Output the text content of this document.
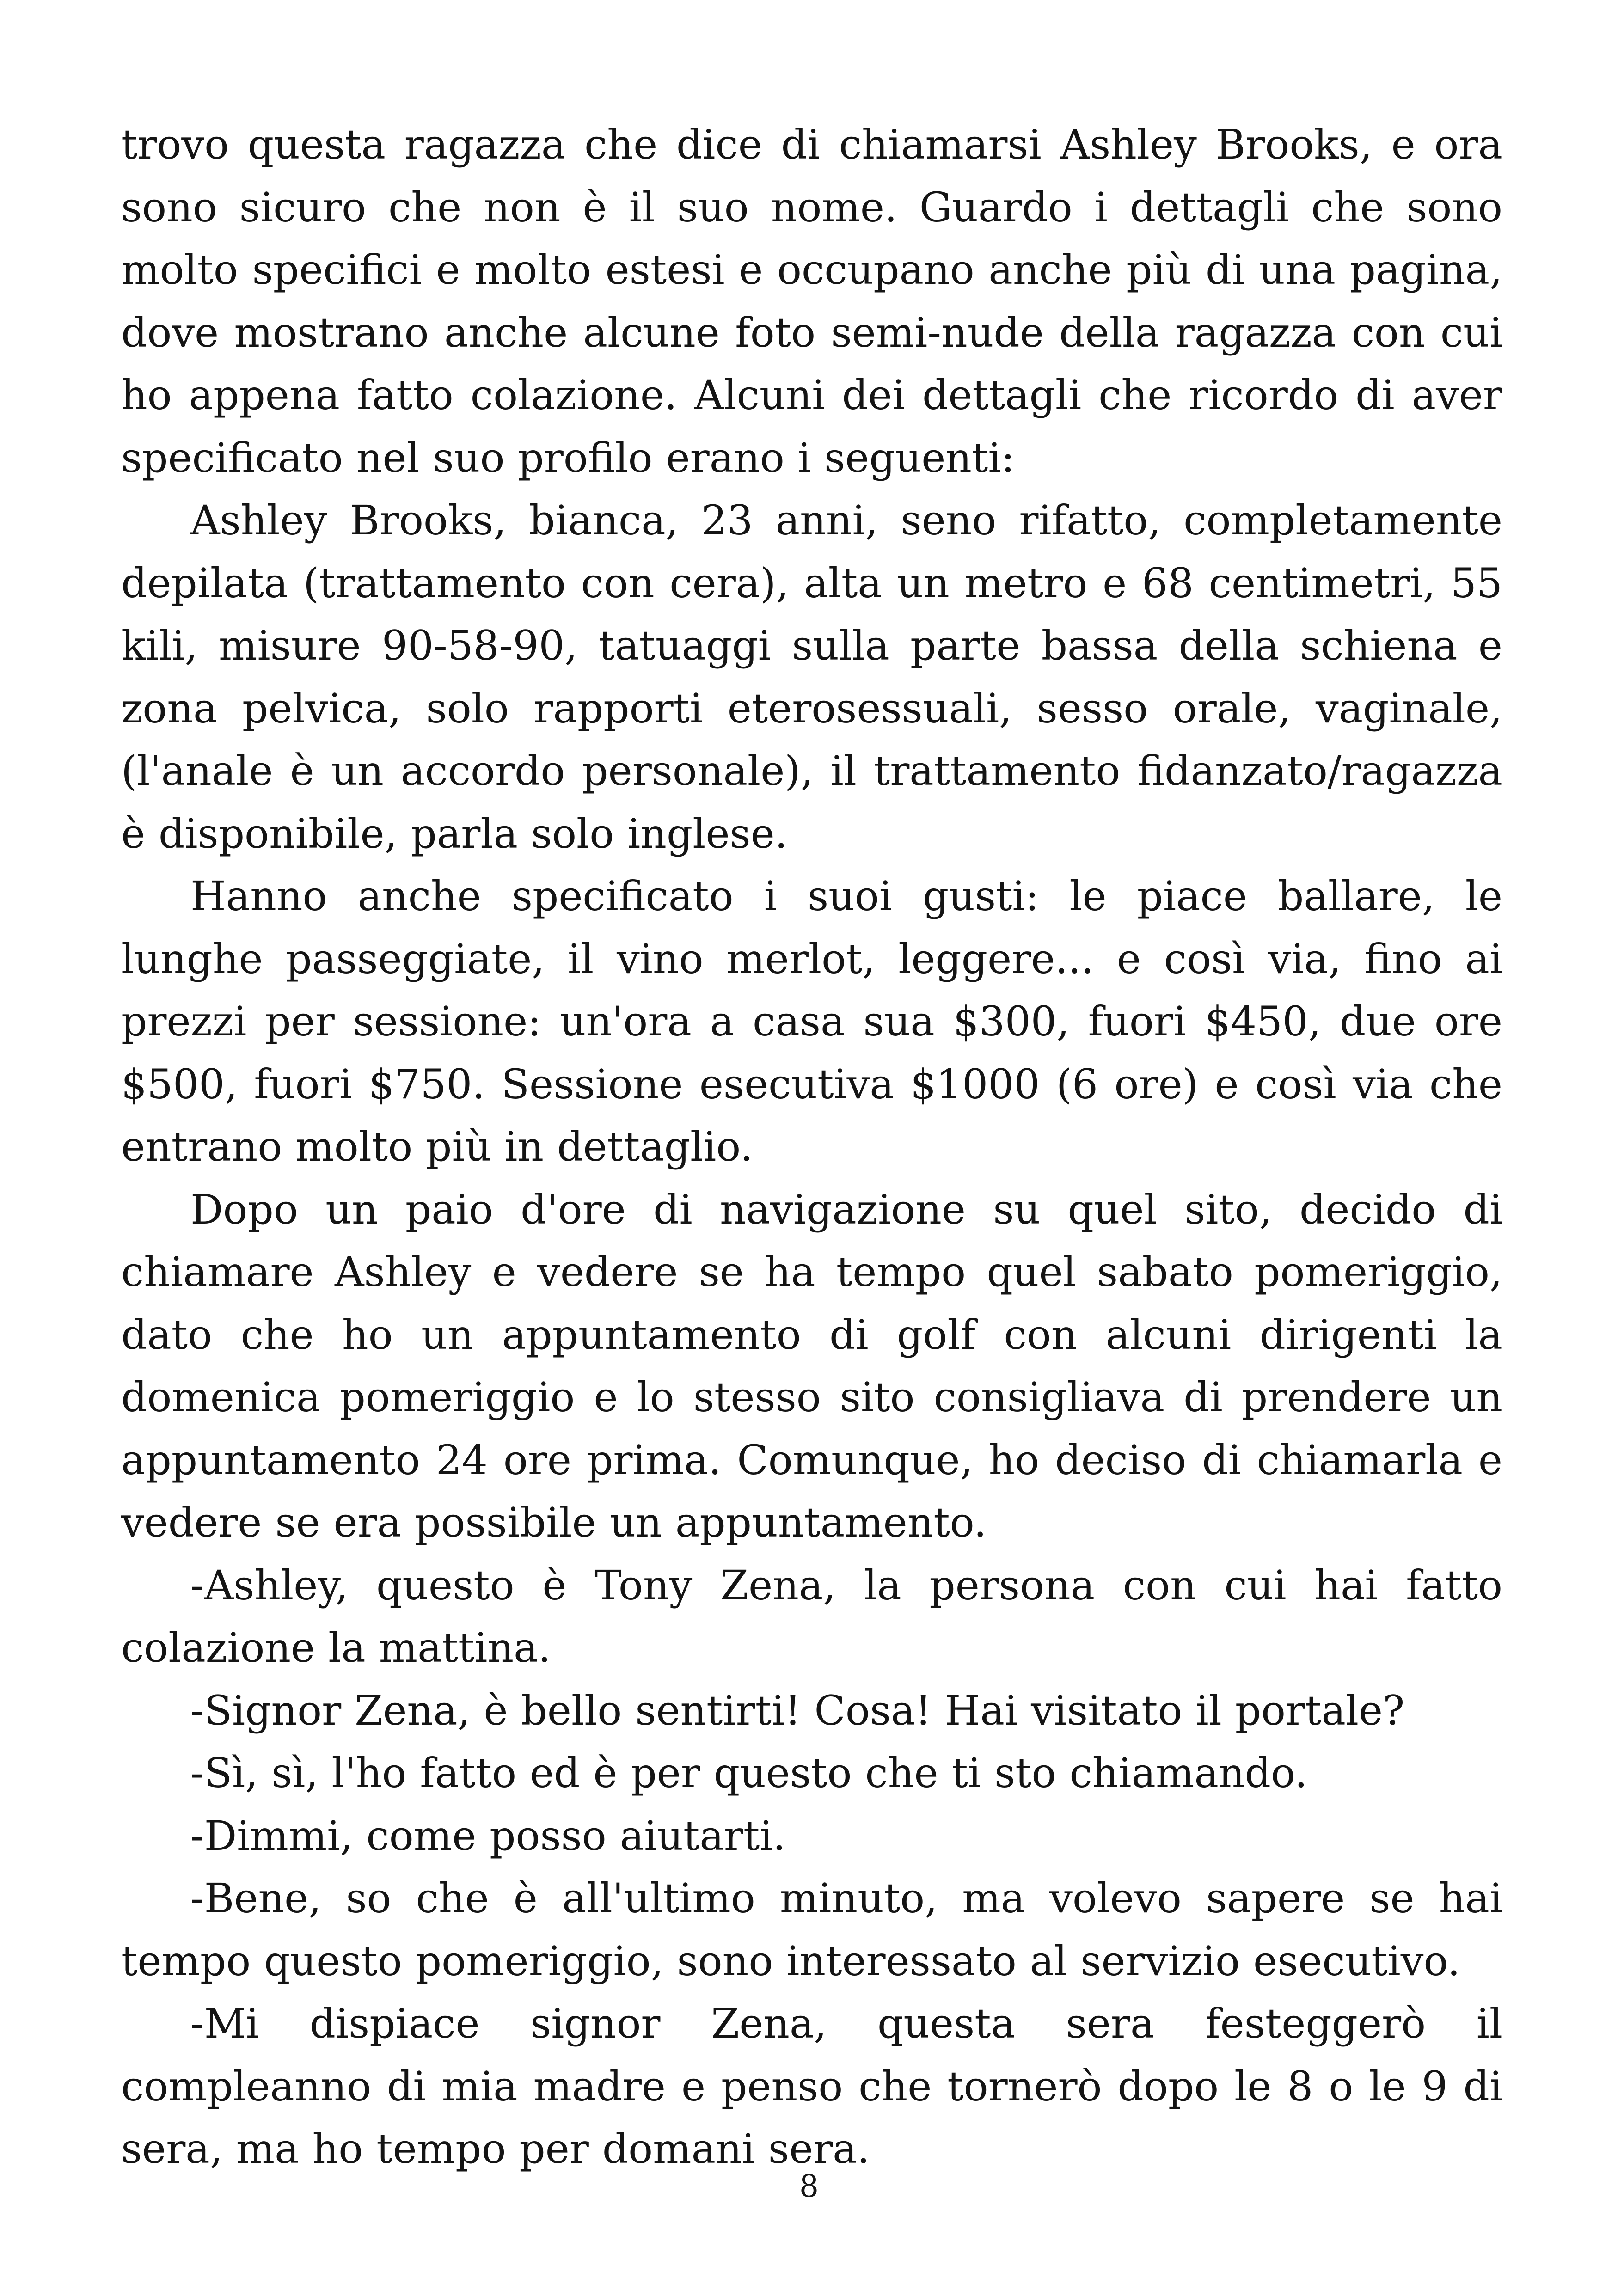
trovo questa ragazza che dice di chiamarsi Ashley Brooks, e ora sono sicuro che non è il suo nome. Guardo i dettagli che sono molto specifici e molto estesi e occupano anche più di una pagina, dove mostrano anche alcune foto semi-nude della ragazza con cui ho appena fatto colazione. Alcuni dei dettagli che ricordo di aver specificato nel suo profilo erano i seguenti:

Ashley Brooks, bianca, 23 anni, seno rifatto, completamente depilata (trattamento con cera), alta un metro e 68 centimetri, 55 kili, misure 90-58-90, tatuaggi sulla parte bassa della schiena e zona pelvica, solo rapporti eterosessuali, sesso orale, vaginale, (l'anale è un accordo personale), il trattamento fidanzato/ragazza è disponibile, parla solo inglese.

Hanno anche specificato i suoi gusti: le piace ballare, le lunghe passeggiate, il vino merlot, leggere... e così via, fino ai prezzi per sessione: un'ora a casa sua $300, fuori $450, due ore $500, fuori $750. Sessione esecutiva $1000 (6 ore) e così via che entrano molto più in dettaglio.

Dopo un paio d'ore di navigazione su quel sito, decido di chiamare Ashley e vedere se ha tempo quel sabato pomeriggio, dato che ho un appuntamento di golf con alcuni dirigenti la domenica pomeriggio e lo stesso sito consigliava di prendere un appuntamento 24 ore prima. Comunque, ho deciso di chiamarla e vedere se era possibile un appuntamento.

-Ashley, questo è Tony Zena, la persona con cui hai fatto colazione la mattina.

-Signor Zena, è bello sentirti! Cosa! Hai visitato il portale?

-Sì, sì, l'ho fatto ed è per questo che ti sto chiamando.

-Dimmi, come posso aiutarti.

-Bene, so che è all'ultimo minuto, ma volevo sapere se hai tempo questo pomeriggio, sono interessato al servizio esecutivo.

-Mi dispiace signor Zena, questa sera festeggerò il compleanno di mia madre e penso che tornerò dopo le 8 o le 9 di sera, ma ho tempo per domani sera.

8
